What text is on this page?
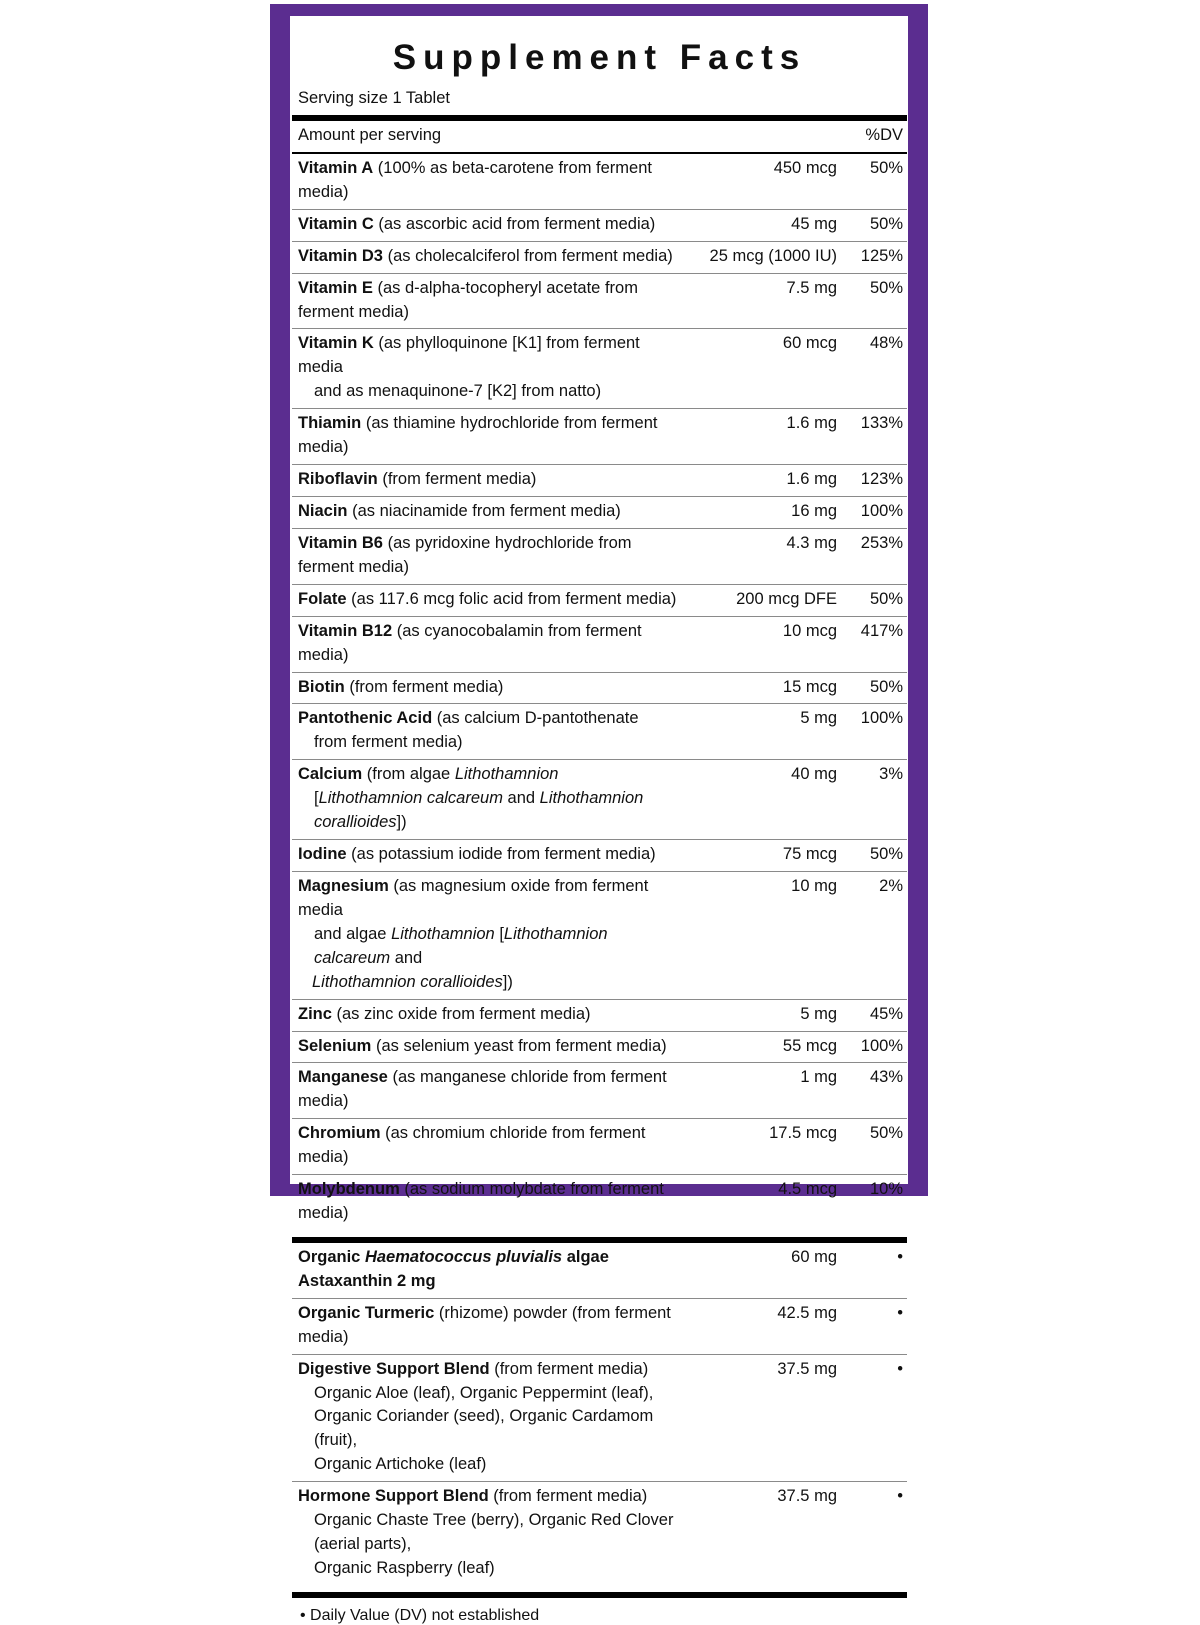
Supplement Facts
Serving size 1 Tablet
Amount per serving	%DV
Vitamin A (100% as beta-carotene from ferment media)
450 mcg	50%
Vitamin C (as ascorbic acid from ferment media)	45 mg	50%
Vitamin D3 (as cholecalciferol from ferment media)	25 mcg (1000 IU)	125%
Vitamin E (as d-alpha-tocopheryl acetate from ferment media)
7.5 mg	50%
Vitamin K (as phylloquinone [K1] from ferment media
and as menaquinone-7 [K2] from natto)
60 mcg	48%
Thiamin (as thiamine hydrochloride from ferment media)
1.6 mg	133%
Riboflavin (from ferment media)	1.6 mg	123%
Niacin (as niacinamide from ferment media)	16 mg	100%
Vitamin B6 (as pyridoxine hydrochloride from ferment media)
4.3 mg	253%
Folate (as 117.6 mcg folic acid from ferment media)	200 mcg DFE	50%
Vitamin B12 (as cyanocobalamin from ferment media)
10 mcg	417%
Biotin (from ferment media)	15 mcg	50%
Pantothenic Acid (as calcium D-pantothenate
from ferment media)
5 mg	100%
Calcium (from algae Lithothamnion
[Lithothamnion calcareum and Lithothamnion corallioides])
40 mg	3%
Iodine (as potassium iodide from ferment media)	75 mcg	50%
Magnesium (as magnesium oxide from ferment media
and algae Lithothamnion [Lithothamnion calcareum and
Lithothamnion corallioides])
10 mg	2%
Zinc (as zinc oxide from ferment media)	5 mg	45%
Selenium (as selenium yeast from ferment media)	55 mcg	100%
Manganese (as manganese chloride from ferment media)
1 mg	43%
Chromium (as chromium chloride from ferment media)
17.5 mcg	50%
Molybdenum (as sodium molybdate from ferment media)
4.5 mcg	10%
Organic Haematococcus pluvialis algae Astaxanthin 2 mg
60 mg	•
Organic Turmeric (rhizome) powder (from ferment media)
42.5 mg	•
Digestive Support Blend (from ferment media)
Organic Aloe (leaf), Organic Peppermint (leaf),
Organic Coriander (seed), Organic Cardamom (fruit),
Organic Artichoke (leaf)
37.5 mg	•
Hormone Support Blend (from ferment media)
Organic Chaste Tree (berry), Organic Red Clover (aerial parts),
Organic Raspberry (leaf)
37.5 mg	•
• Daily Value (DV) not established
